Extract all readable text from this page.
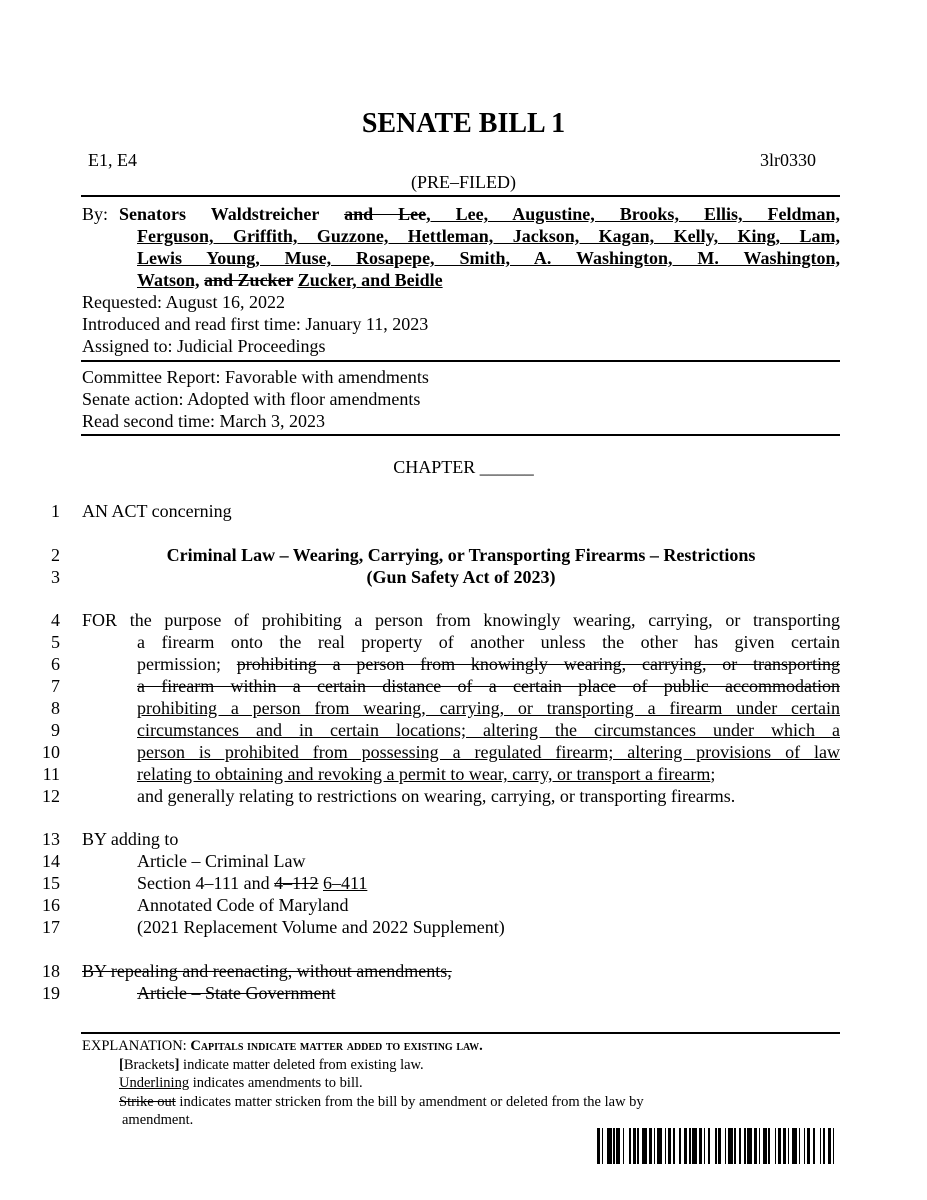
SENATE BILL 1
E1, E4	3lr0330
(PRE–FILED)
By: Senators Waldstreicher and Lee, Lee, Augustine, Brooks, Ellis, Feldman,
Ferguson, Griffith, Guzzone, Hettleman, Jackson, Kagan, Kelly, King, Lam,
Lewis Young, Muse, Rosapepe, Smith, A. Washington, M. Washington,
Watson, and Zucker Zucker, and Beidle
Requested: August 16, 2022
Introduced and read first time: January 11, 2023
Assigned to: Judicial Proceedings
Committee Report: Favorable with amendments
Senate action: Adopted with floor amendments
Read second time: March 3, 2023
CHAPTER ______
1
2
3
4
5
6
7
8
9
10
11
12
13
14
15
16
17
18
19
AN ACT concerning
Criminal Law – Wearing, Carrying, or Transporting Firearms – Restrictions
(Gun Safety Act of 2023)
FOR the purpose of prohibiting a person from knowingly wearing, carrying, or transporting
a firearm onto the real property of another unless the other has given certain
permission; prohibiting a person from knowingly wearing, carrying, or transporting
a firearm within a certain distance of a certain place of public accommodation
prohibiting a person from wearing, carrying, or transporting a firearm under certain
circumstances and in certain locations; altering the circumstances under which a
person is prohibited from possessing a regulated firearm; altering provisions of law
relating to obtaining and revoking a permit to wear, carry, or transport a firearm;
and generally relating to restrictions on wearing, carrying, or transporting firearms.
BY adding to
Article – Criminal Law
Section 4–111 and 4–112 6–411
Annotated Code of Maryland
(2021 Replacement Volume and 2022 Supplement)
BY repealing and reenacting, without amendments,
Article – State Government
EXPLANATION: Capitals indicate matter added to existing law.
[Brackets] indicate matter deleted from existing law.
Underlining indicates amendments to bill.
Strike out indicates matter stricken from the bill by amendment or deleted from the law by
amendment.
